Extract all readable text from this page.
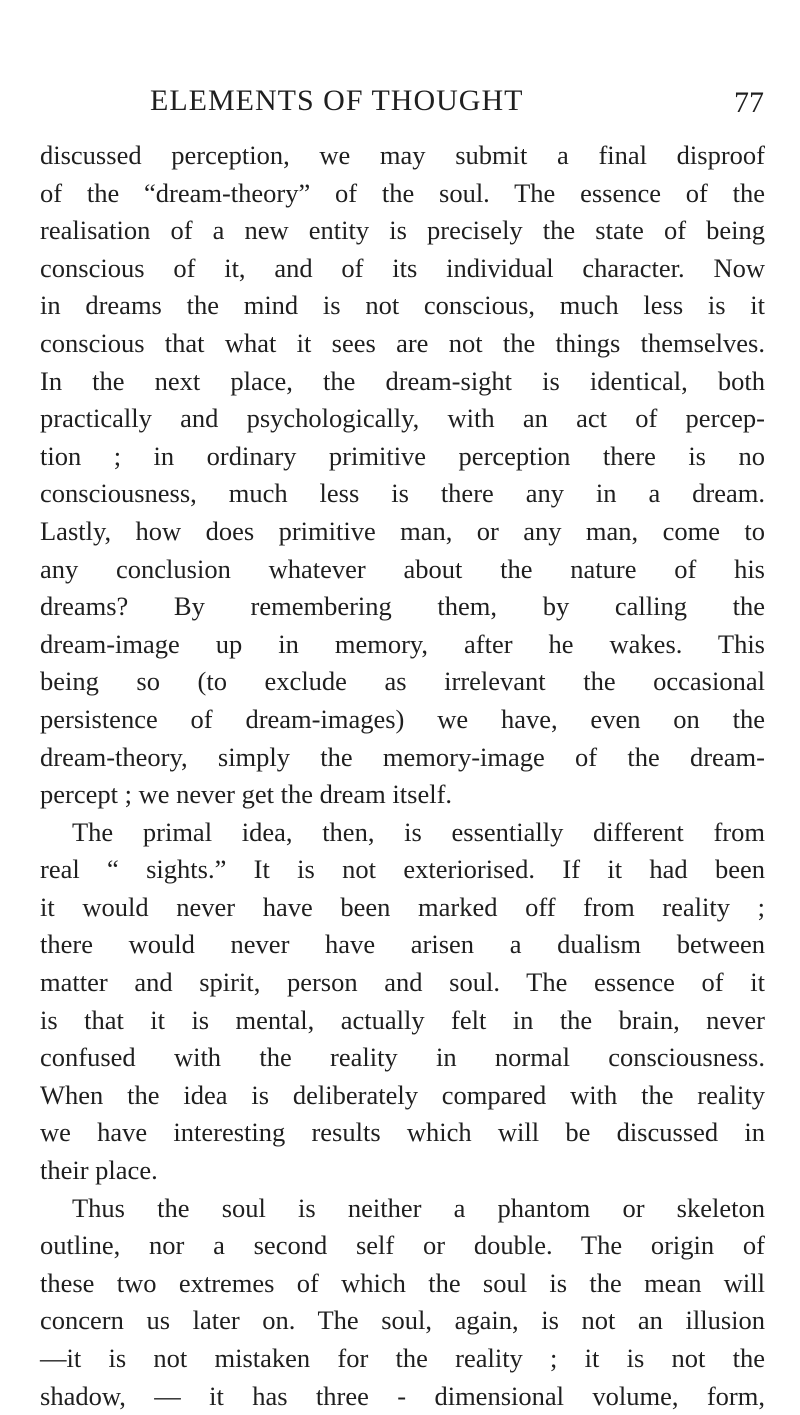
ELEMENTS OF THOUGHT	77
discussed perception, we may submit a final disproof
of the “dream-theory” of the soul. The essence of the
realisation of a new entity is precisely the state of being
conscious of it, and of its individual character. Now
in dreams the mind is not conscious, much less is it
conscious that what it sees are not the things themselves.
In the next place, the dream-sight is identical, both
practically and psychologically, with an act of percep-
tion ; in ordinary primitive perception there is no
consciousness, much less is there any in a dream.
Lastly, how does primitive man, or any man, come to
any conclusion whatever about the nature of his
dreams? By remembering them, by calling the
dream-image up in memory, after he wakes. This
being so (to exclude as irrelevant the occasional
persistence of dream-images) we have, even on the
dream-theory, simply the memory-image of the dream-
percept ; we never get the dream itself.
The primal idea, then, is essentially different from
real “ sights.” It is not exteriorised. If it had been
it would never have been marked off from reality ;
there would never have arisen a dualism between
matter and spirit, person and soul. The essence of it
is that it is mental, actually felt in the brain, never
confused with the reality in normal consciousness.
When the idea is deliberately compared with the reality
we have interesting results which will be discussed in
their place.
Thus the soul is neither a phantom or skeleton
outline, nor a second self or double. The origin of
these two extremes of which the soul is the mean will
concern us later on. The soul, again, is not an illusion
—it is not mistaken for the reality ; it is not the
shadow, — it has three - dimensional volume, form,
